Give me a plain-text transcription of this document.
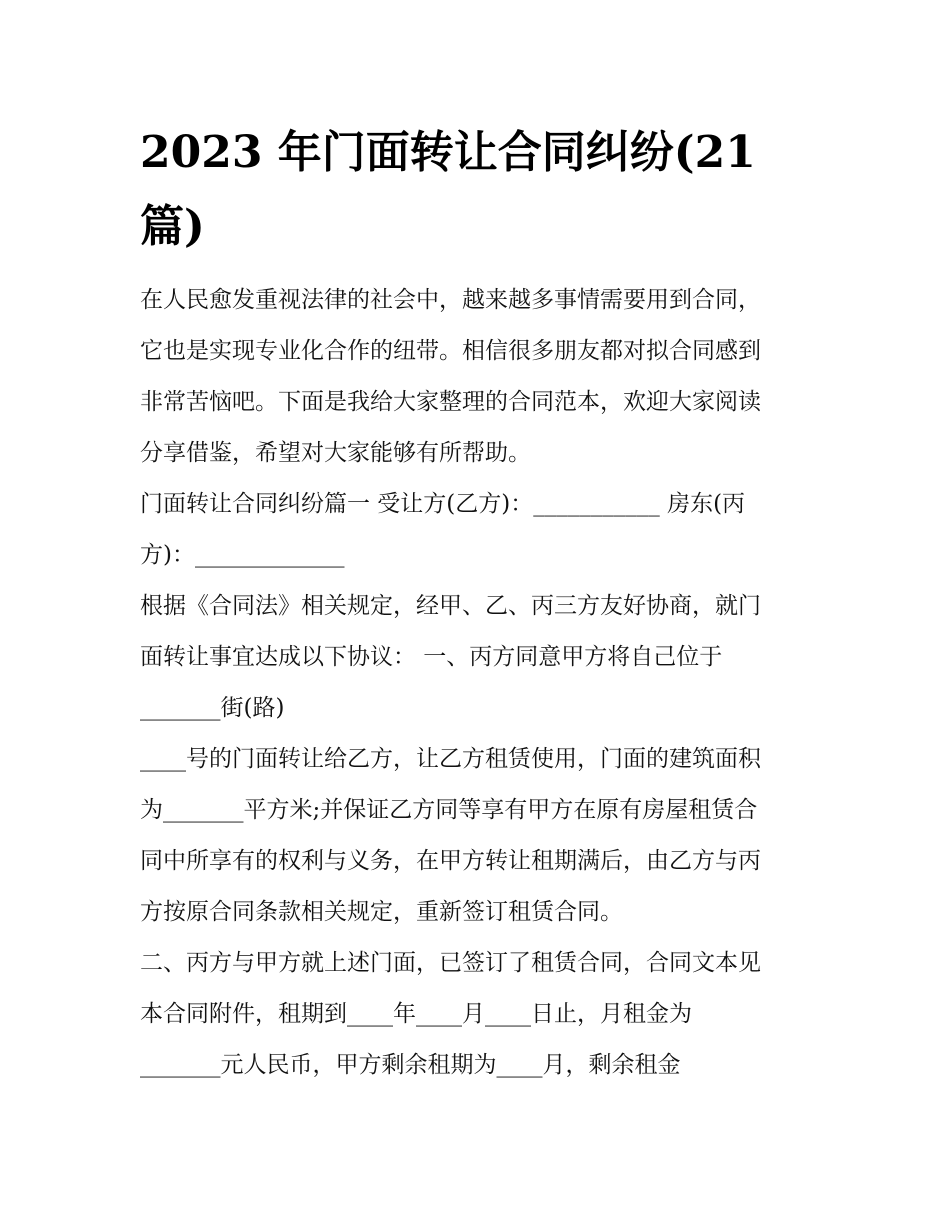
2023 年门面转让合同纠纷(21
篇)

在人民愈发重视法律的社会中，越来越多事情需要用到合同，

它也是实现专业化合作的纽带。相信很多朋友都对拟合同感到

非常苦恼吧。下面是我给大家整理的合同范本，欢迎大家阅读

分享借鉴，希望对大家能够有所帮助。

门面转让合同纠纷篇一 受让方(乙方)：___________ 房东(丙

方)：_____________

根据《合同法》相关规定，经甲、乙、丙三方友好协商，就门

面转让事宜达成以下协议： 一、丙方同意甲方将自己位于

_______街(路)

____号的门面转让给乙方，让乙方租赁使用，门面的建筑面积

为_______平方米;并保证乙方同等享有甲方在原有房屋租赁合

同中所享有的权利与义务，在甲方转让租期满后，由乙方与丙

方按原合同条款相关规定，重新签订租赁合同。

二、丙方与甲方就上述门面，已签订了租赁合同，合同文本见

本合同附件，租期到____年____月____日止，月租金为

_______元人民币，甲方剩余租期为____月，剩余租金
